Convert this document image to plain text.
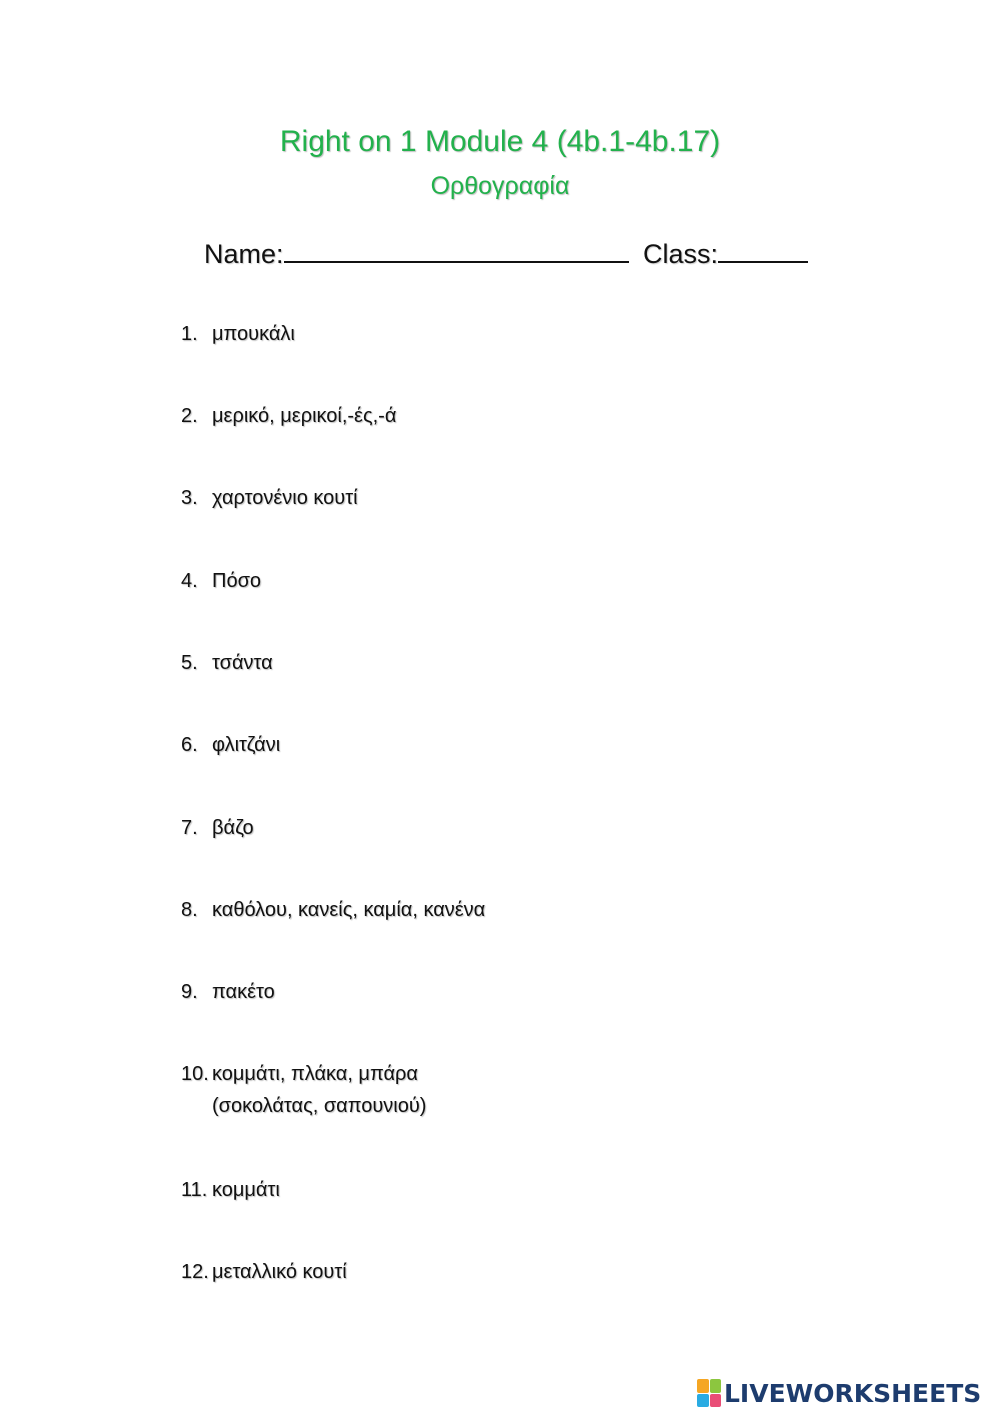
Right on 1 Module 4 (4b.1-4b.17)
Ορθογραφία
Name:	Class:
1. μπουκάλι
2. μερικό, μερικοί,-ές,-ά
3. χαρτονένιο κουτί
4. Πόσο
5. τσάντα
6. φλιτζάνι
7. βάζο
8. καθόλου, κανείς, καμία, κανένα
9. πακέτο
10. κομμάτι, πλάκα, μπάρα
(σοκολάτας, σαπουνιού)
11. κομμάτι
12. μεταλλικό κουτί
LIVEWORKSHEETS
